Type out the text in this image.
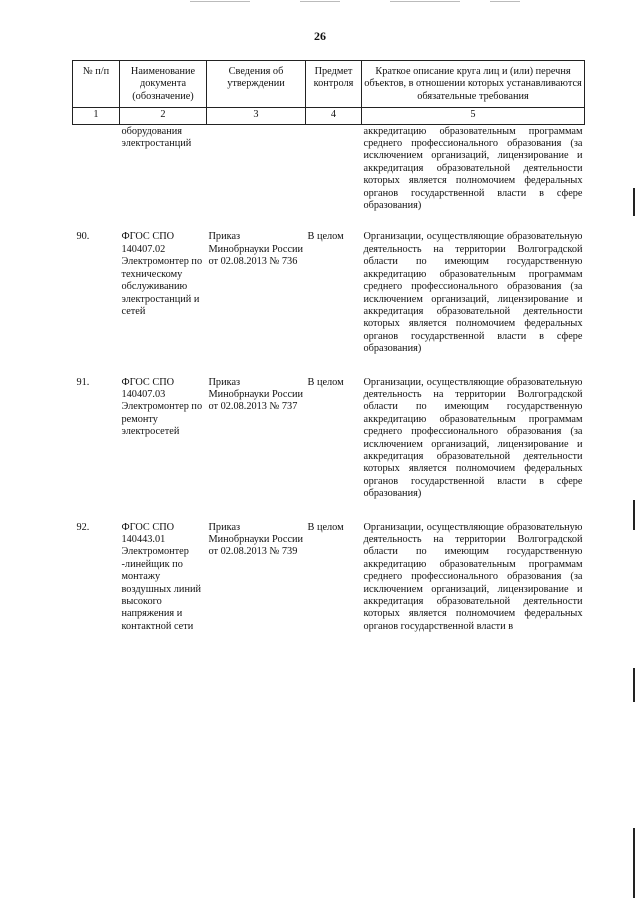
26
№ п/п	Наименование документа (обозначение)	Сведения об утверждении	Предмет контроля	Краткое описание круга лиц и (или) перечня объектов, в отношении которых устанавливаются обязательные требования
1	2	3	4	5
	оборудования электростанций			аккредитацию образовательным программам среднего профессионального образования (за исключением организаций, лицензирование и аккредитация образовательной деятельности которых является полномочием федеральных органов государственной власти в сфере образования)
90.	ФГОС СПО 140407.02 Электромонтер по техническому обслуживанию электростанций и сетей	Приказ Минобрнауки России от 02.08.2013 № 736	В целом	Организации, осуществляющие образовательную деятельность на территории Волгоградской области по имеющим государственную аккредитацию образовательным программам среднего профессионального образования (за исключением организаций, лицензирование и аккредитация образовательной деятельности которых является полномочием федеральных органов государственной власти в сфере образования)
91.	ФГОС СПО 140407.03 Электромонтер по ремонту электросетей	Приказ Минобрнауки России от 02.08.2013 № 737	В целом	Организации, осуществляющие образовательную деятельность на территории Волгоградской области по имеющим государственную аккредитацию образовательным программам среднего профессионального образования (за исключением организаций, лицензирование и аккредитация образовательной деятельности которых является полномочием федеральных органов государственной власти в сфере образования)
92.	ФГОС СПО 140443.01 Электромонтер -линейщик по монтажу воздушных линий высокого напряжения и контактной сети	Приказ Минобрнауки России от 02.08.2013 № 739	В целом	Организации, осуществляющие образовательную деятельность на территории Волгоградской области по имеющим государственную аккредитацию образовательным программам среднего профессионального образования (за исключением организаций, лицензирование и аккредитация образовательной деятельности которых является полномочием федеральных органов государственной власти в
